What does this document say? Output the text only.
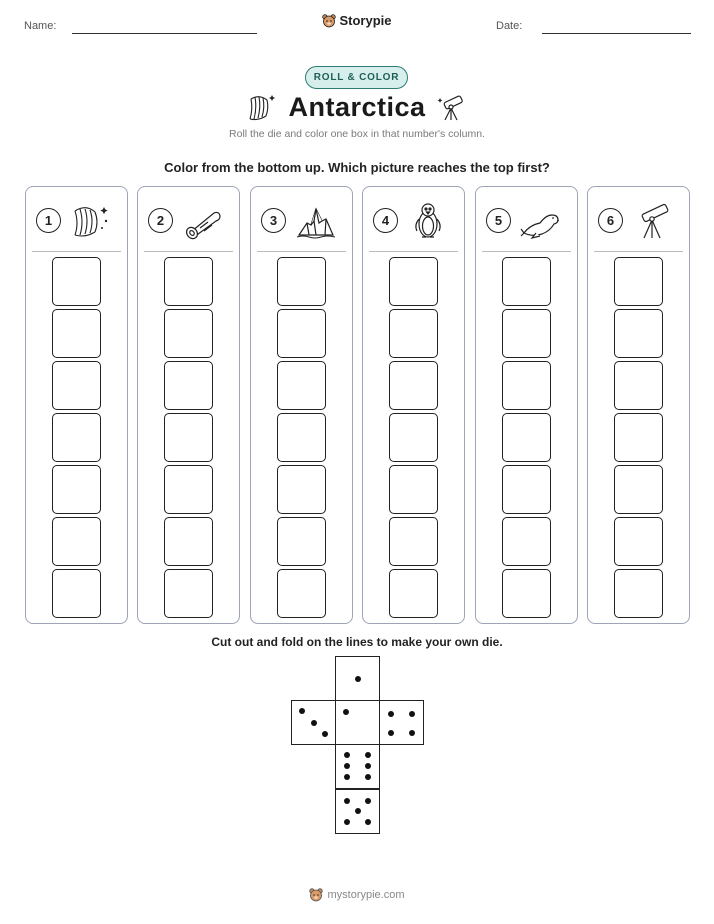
Name:	Storypie	Date:
ROLL & COLOR
Antarctica
Roll the die and color one box in that number's column.
Color from the bottom up. Which picture reaches the top first?
1	2	3	4	5	6
Cut out and fold on the lines to make your own die.
mystorypie.com
